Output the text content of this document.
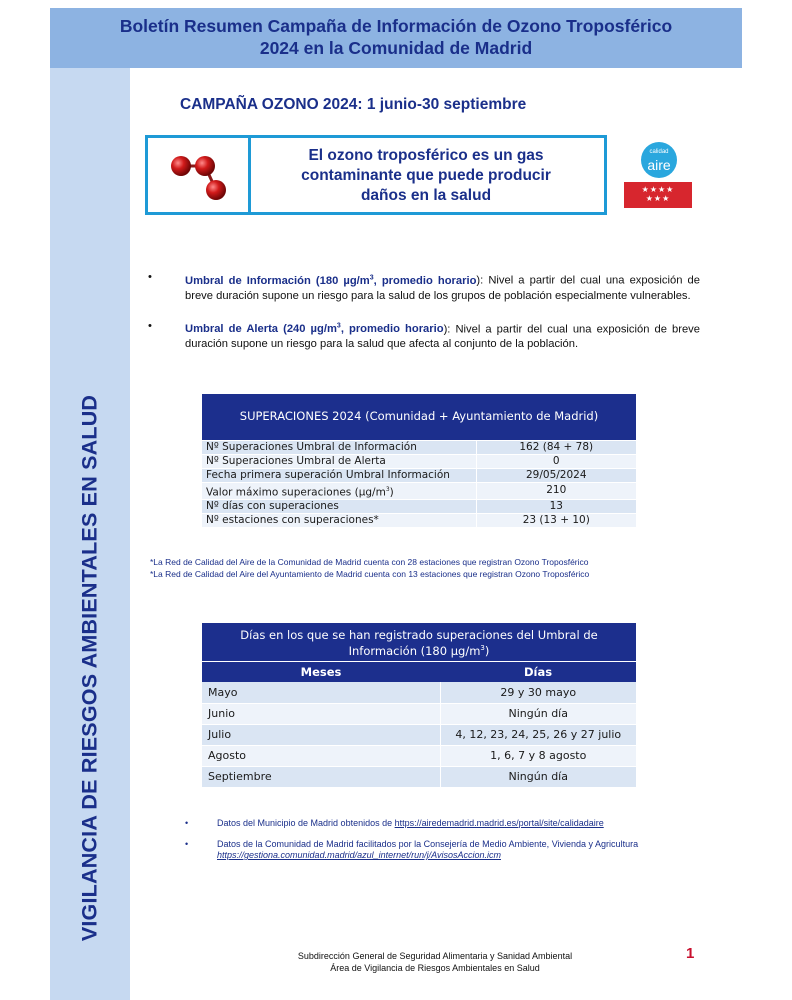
Boletín Resumen Campaña de Información de Ozono Troposférico
2024 en la Comunidad de Madrid
VIGILANCIA DE RIESGOS AMBIENTALES EN SALUD
CAMPAÑA OZONO 2024: 1 junio-30 septiembre
El ozono troposférico es un gas
contaminante que puede producir
daños en la salud
calidad
aire
★★★★
★★★
•	Umbral de Información (180 $\mu g/m^3$, promedio horario): Nivel a partir del cual una exposición de breve duración supone un riesgo para la salud de los grupos de población especialmente vulnerables.
•	Umbral de Alerta (240 $\mu g/m^3$, promedio horario): Nivel a partir del cual una exposición de breve duración supone un riesgo para la salud que afecta al conjunto de la población.
SUPERACIONES 2024 (Comunidad + Ayuntamiento de Madrid)	
Nº Superaciones Umbral de Información	162 (84 + 78)
Nº Superaciones Umbral de Alerta	0
Fecha primera superación Umbral Información	29/05/2024
Valor máximo superaciones $(\mu g/m^3)$	210
Nº días con superaciones	13
Nº estaciones con superaciones*	23 (13 + 10)
*La Red de Calidad del Aire de la Comunidad de Madrid cuenta con 28 estaciones que registran Ozono Troposférico
*La Red de Calidad del Aire del Ayuntamiento de Madrid cuenta con 13 estaciones que registran Ozono Troposférico
Días en los que se han registrado superaciones del Umbral de
Información (180 $\mu g/m^3$)	

Meses	Días
Mayo	29 y 30 mayo
Junio	Ningún día
Julio	4, 12, 23, 24, 25, 26 y 27 julio
Agosto	1, 6, 7 y 8 agosto
Septiembre	Ningún día
•	Datos del Municipio de Madrid obtenidos de https://airedemadrid.madrid.es/portal/site/calidadaire
•	Datos de la Comunidad de Madrid facilitados por la Consejería de Medio Ambiente, Vivienda y Agricultura https://gestiona.comunidad.madrid/azul_internet/run/j/AvisosAccion.icm
Subdirección General de Seguridad Alimentaria y Sanidad Ambiental
Área de Vigilancia de Riesgos Ambientales en Salud
1
